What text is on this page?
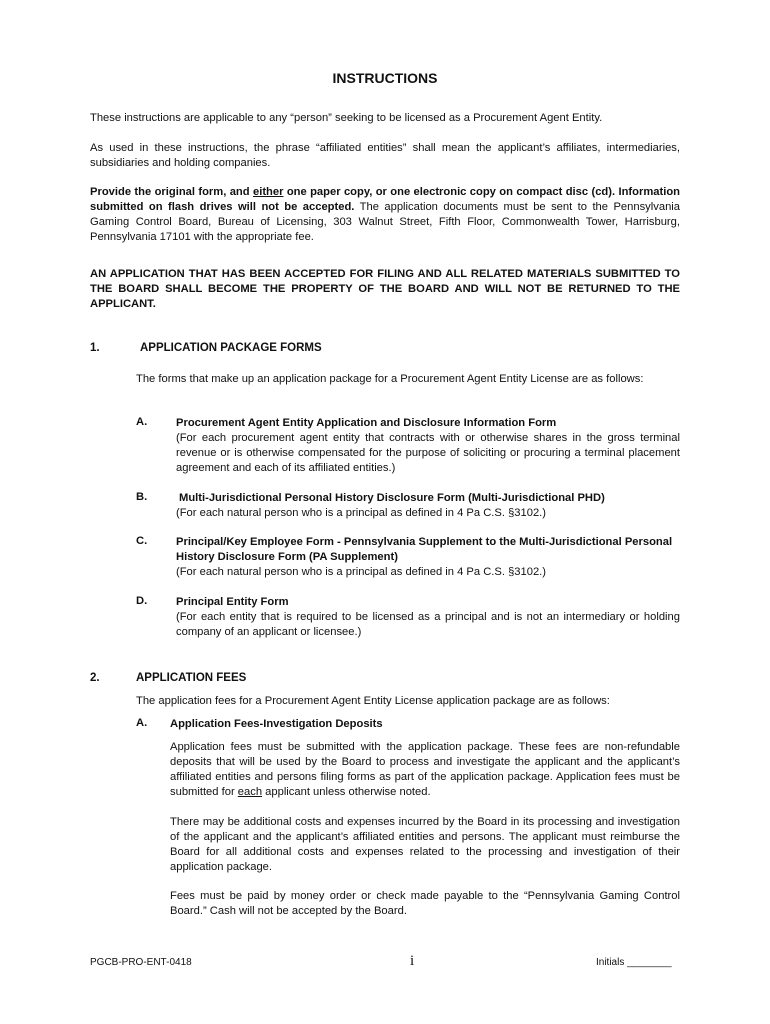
INSTRUCTIONS
These instructions are applicable to any “person” seeking to be licensed as a Procurement Agent Entity.
As used in these instructions, the phrase “affiliated entities” shall mean the applicant’s affiliates, intermediaries, subsidiaries and holding companies.
Provide the original form, and either one paper copy, or one electronic copy on compact disc (cd). Information submitted on flash drives will not be accepted. The application documents must be sent to the Pennsylvania Gaming Control Board, Bureau of Licensing, 303 Walnut Street, Fifth Floor, Commonwealth Tower, Harrisburg, Pennsylvania 17101 with the appropriate fee.
AN APPLICATION THAT HAS BEEN ACCEPTED FOR FILING AND ALL RELATED MATERIALS SUBMITTED TO THE BOARD SHALL BECOME THE PROPERTY OF THE BOARD AND WILL NOT BE RETURNED TO THE APPLICANT.
1.	APPLICATION PACKAGE FORMS
The forms that make up an application package for a Procurement Agent Entity License are as follows:
A.	Procurement Agent Entity Application and Disclosure Information Form
(For each procurement agent entity that contracts with or otherwise shares in the gross terminal revenue or is otherwise compensated for the purpose of soliciting or procuring a terminal placement agreement and each of its affiliated entities.)
B.	Multi-Jurisdictional Personal History Disclosure Form (Multi-Jurisdictional PHD)
(For each natural person who is a principal as defined in 4 Pa C.S. §3102.)
C.	Principal/Key Employee Form - Pennsylvania Supplement to the Multi-Jurisdictional Personal History Disclosure Form (PA Supplement)
(For each natural person who is a principal as defined in 4 Pa C.S. §3102.)
D.	Principal Entity Form
(For each entity that is required to be licensed as a principal and is not an intermediary or holding company of an applicant or licensee.)
2.	APPLICATION FEES
The application fees for a Procurement Agent Entity License application package are as follows:
A. Application Fees-Investigation Deposits
Application fees must be submitted with the application package. These fees are non-refundable deposits that will be used by the Board to process and investigate the applicant and the applicant’s affiliated entities and persons filing forms as part of the application package. Application fees must be submitted for each applicant unless otherwise noted.
There may be additional costs and expenses incurred by the Board in its processing and investigation of the applicant and the applicant’s affiliated entities and persons. The applicant must reimburse the Board for all additional costs and expenses related to the processing and investigation of their application package.
Fees must be paid by money order or check made payable to the “Pennsylvania Gaming Control Board.” Cash will not be accepted by the Board.
PGCB-PRO-ENT-0418	i	Initials ________
